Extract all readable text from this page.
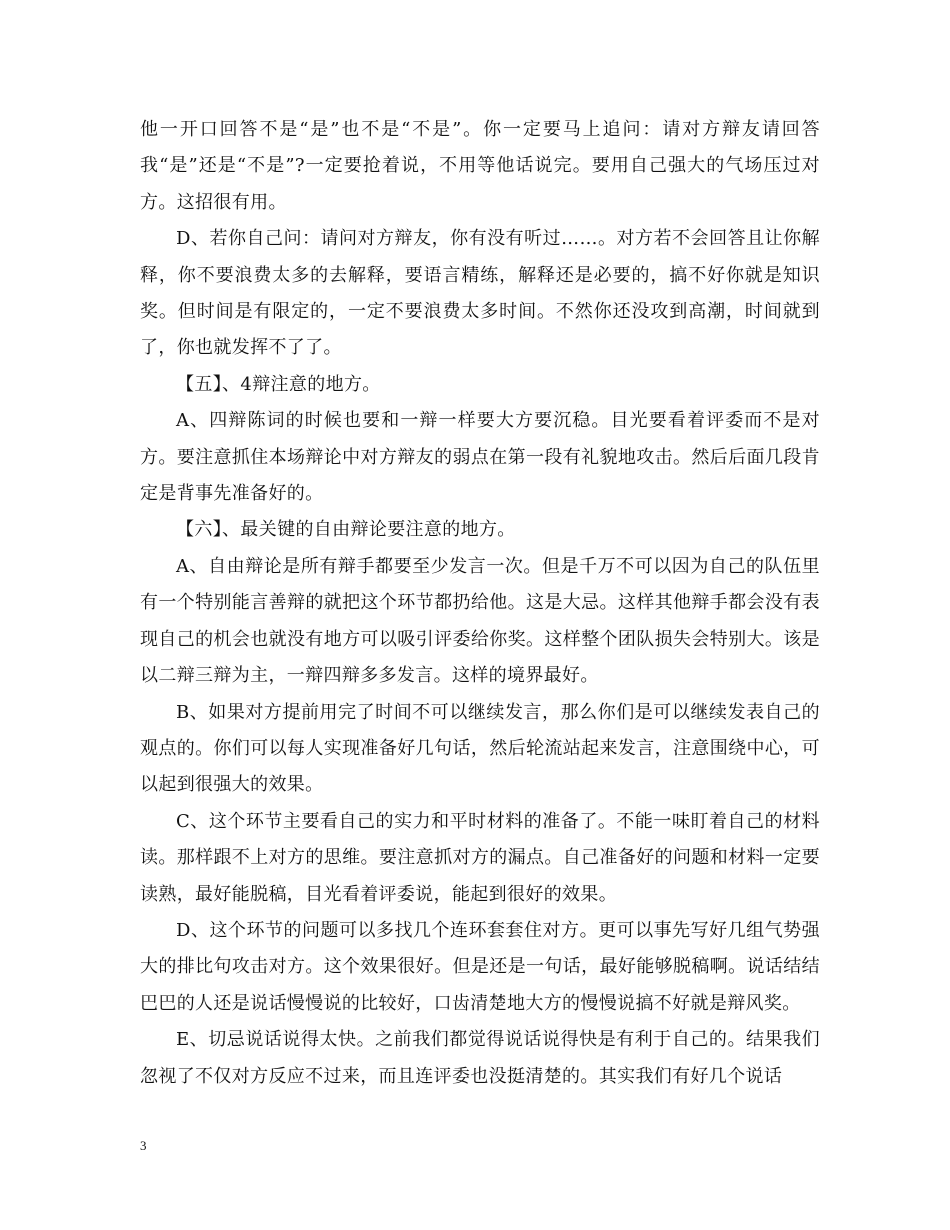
他一开口回答不是“是”也不是“不是”。你一定要马上追问：请对方辩友请回答我“是”还是“不是”?一定要抢着说，不用等他话说完。要用自己强大的气场压过对方。这招很有用。

D、若你自己问：请问对方辩友，你有没有听过……。对方若不会回答且让你解释，你不要浪费太多的去解释，要语言精练，解释还是必要的，搞不好你就是知识奖。但时间是有限定的，一定不要浪费太多时间。不然你还没攻到高潮，时间就到了，你也就发挥不了了。

【五】、4辩注意的地方。

A、四辩陈词的时候也要和一辩一样要大方要沉稳。目光要看着评委而不是对方。要注意抓住本场辩论中对方辩友的弱点在第一段有礼貌地攻击。然后后面几段肯定是背事先准备好的。

【六】、最关键的自由辩论要注意的地方。

A、自由辩论是所有辩手都要至少发言一次。但是千万不可以因为自己的队伍里有一个特别能言善辩的就把这个环节都扔给他。这是大忌。这样其他辩手都会没有表现自己的机会也就没有地方可以吸引评委给你奖。这样整个团队损失会特别大。该是以二辩三辩为主，一辩四辩多多发言。这样的境界最好。

B、如果对方提前用完了时间不可以继续发言，那么你们是可以继续发表自己的观点的。你们可以每人实现准备好几句话，然后轮流站起来发言，注意围绕中心，可以起到很强大的效果。

C、这个环节主要看自己的实力和平时材料的准备了。不能一味盯着自己的材料读。那样跟不上对方的思维。要注意抓对方的漏点。自己准备好的问题和材料一定要读熟，最好能脱稿，目光看着评委说，能起到很好的效果。

D、这个环节的问题可以多找几个连环套套住对方。更可以事先写好几组气势强大的排比句攻击对方。这个效果很好。但是还是一句话，最好能够脱稿啊。说话结结巴巴的人还是说话慢慢说的比较好，口齿清楚地大方的慢慢说搞不好就是辩风奖。

E、切忌说话说得太快。之前我们都觉得说话说得快是有利于自己的。结果我们忽视了不仅对方反应不过来，而且连评委也没挺清楚的。其实我们有好几个说话

3
